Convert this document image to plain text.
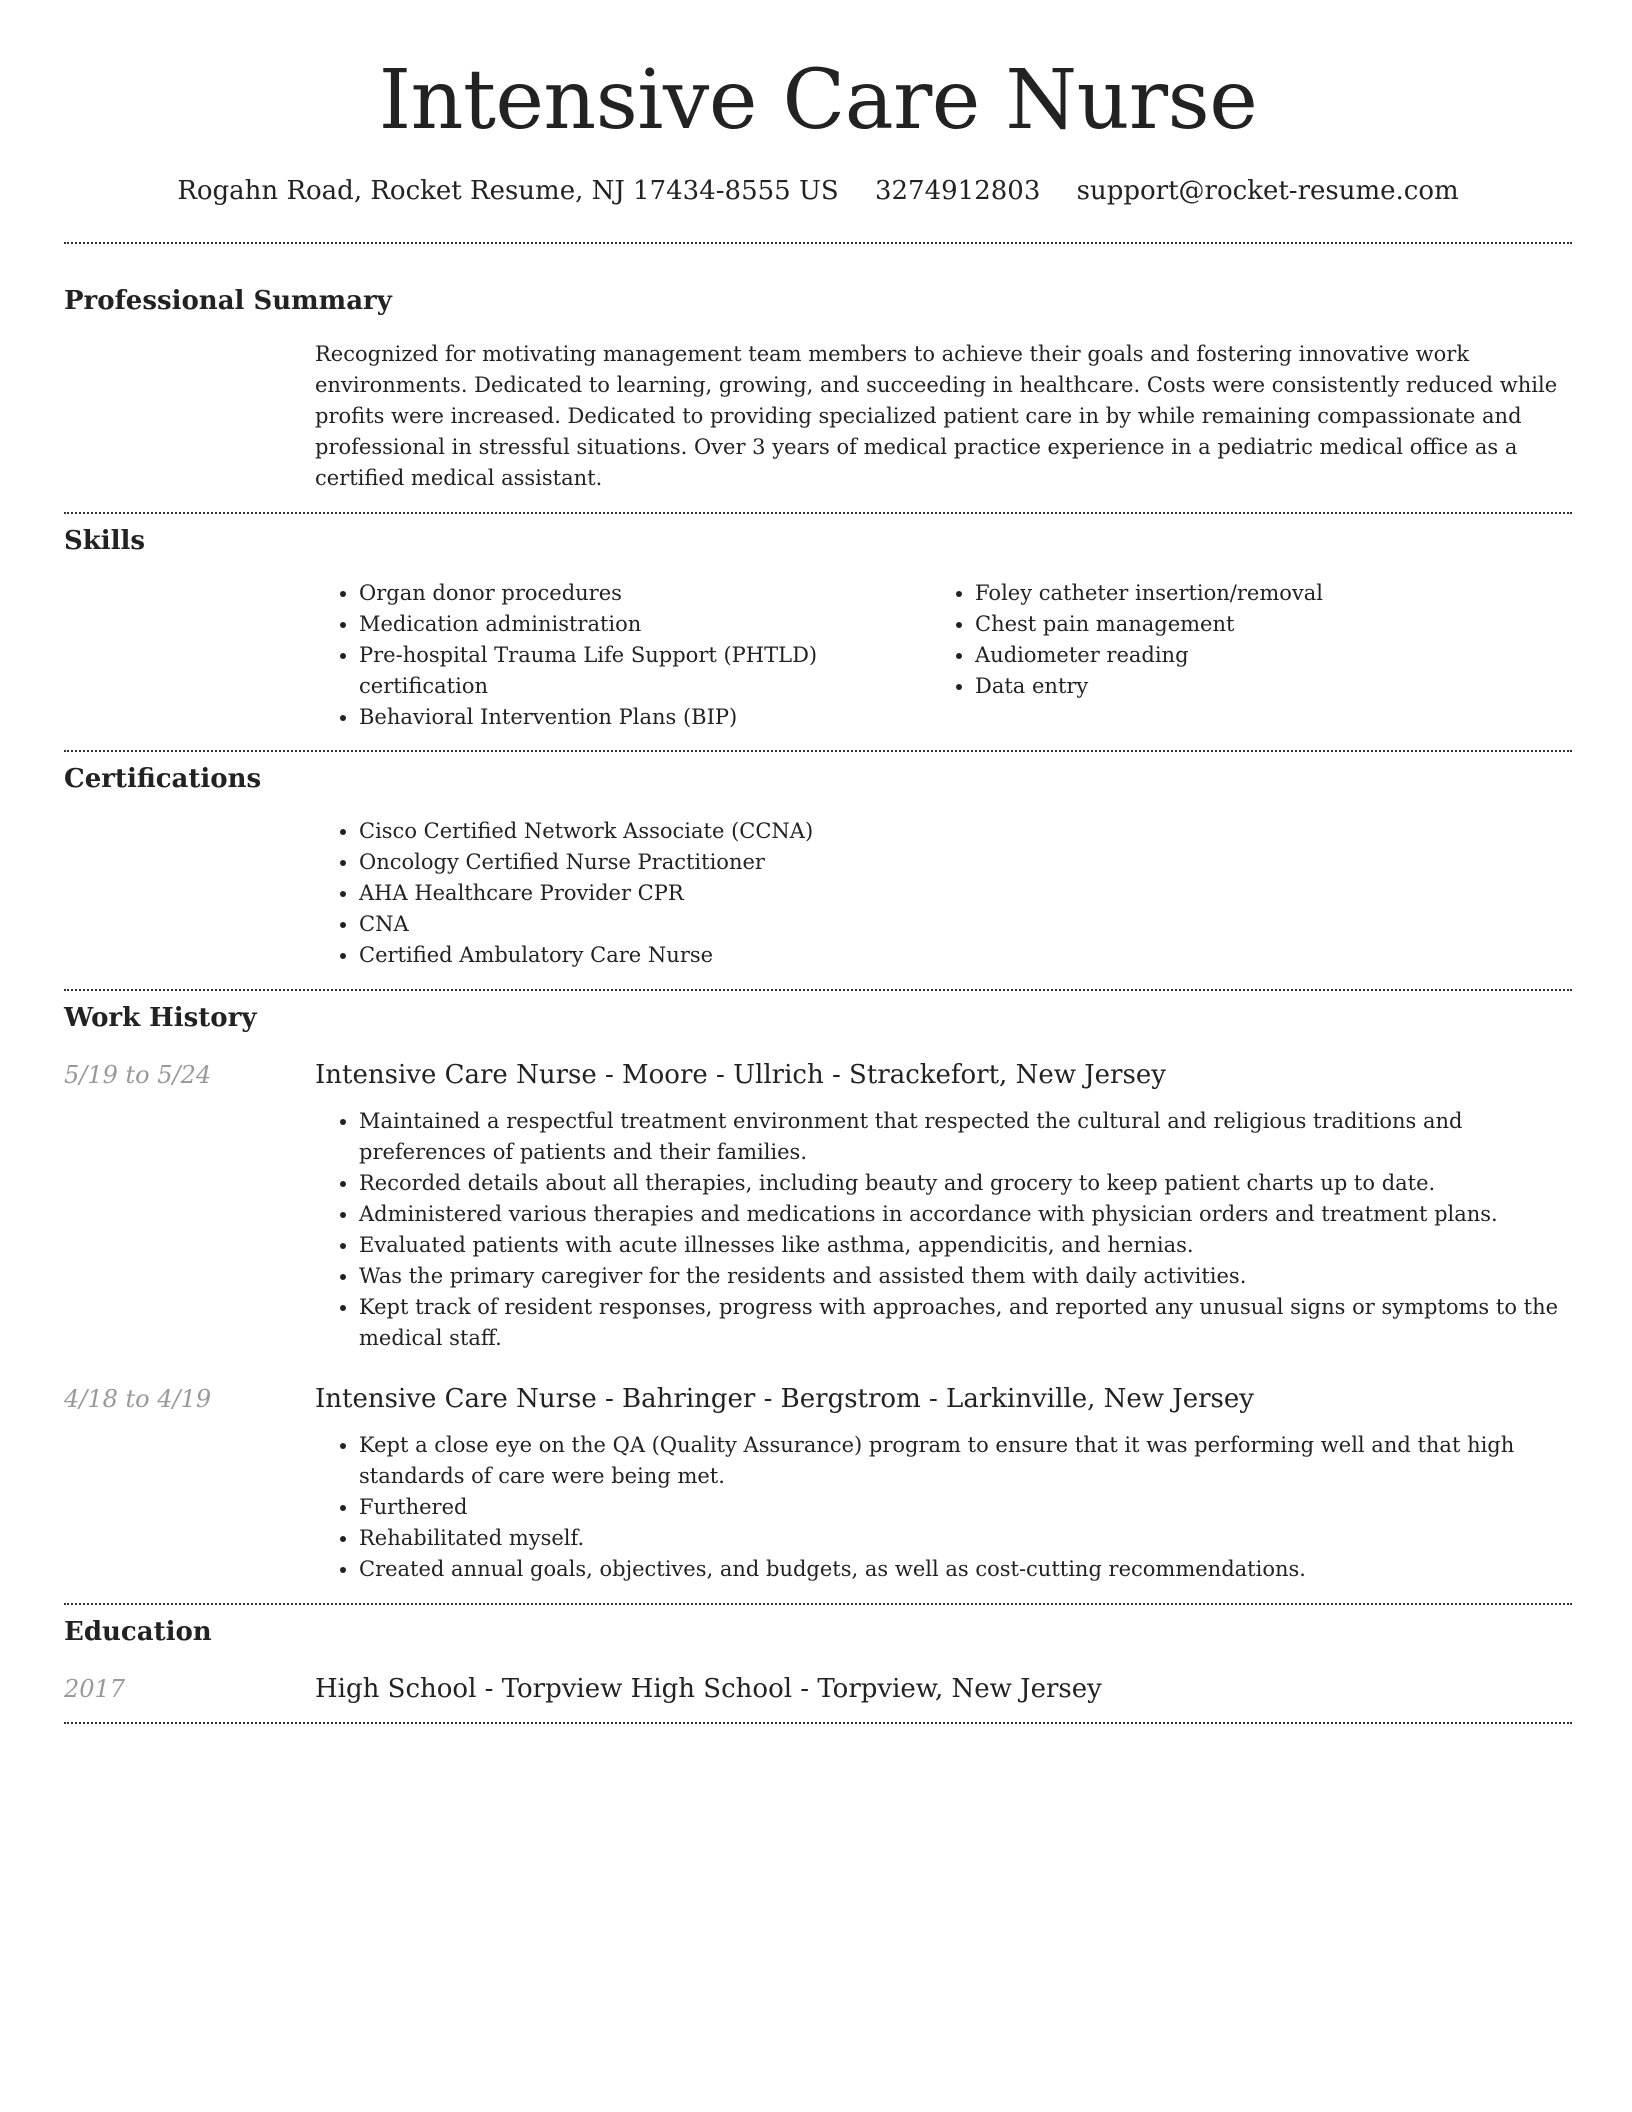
Intensive Care Nurse
Rogahn Road, Rocket Resume, NJ 17434-8555 US 3274912803 support@rocket-resume.com
Professional Summary

Recognized for motivating management team members to achieve their goals and fostering innovative work environments. Dedicated to learning, growing, and succeeding in healthcare. Costs were consistently reduced while profits were increased. Dedicated to providing specialized patient care in by while remaining compassionate and professional in stressful situations. Over 3 years of medical practice experience in a pediatric medical office as a certified medical assistant.

Skills
• Organ donor procedures
• Medication administration
• Pre-hospital Trauma Life Support (PHTLD) certification
• Behavioral Intervention Plans (BIP)
• Foley catheter insertion/removal
• Chest pain management
• Audiometer reading
• Data entry
Certifications
• Cisco Certified Network Associate (CCNA)
• Oncology Certified Nurse Practitioner
• AHA Healthcare Provider CPR
• CNA
• Certified Ambulatory Care Nurse
Work History
5/19 to 5/24	Intensive Care Nurse - Moore - Ullrich - Strackefort, New Jersey
• Maintained a respectful treatment environment that respected the cultural and religious traditions and preferences of patients and their families.
• Recorded details about all therapies, including beauty and grocery to keep patient charts up to date.
• Administered various therapies and medications in accordance with physician orders and treatment plans.
• Evaluated patients with acute illnesses like asthma, appendicitis, and hernias.
• Was the primary caregiver for the residents and assisted them with daily activities.
• Kept track of resident responses, progress with approaches, and reported any unusual signs or symptoms to the medical staff.
4/18 to 4/19	Intensive Care Nurse - Bahringer - Bergstrom - Larkinville, New Jersey
• Kept a close eye on the QA (Quality Assurance) program to ensure that it was performing well and that high standards of care were being met.
• Furthered
• Rehabilitated myself.
• Created annual goals, objectives, and budgets, as well as cost-cutting recommendations.
Education
2017	High School - Torpview High School - Torpview, New Jersey
